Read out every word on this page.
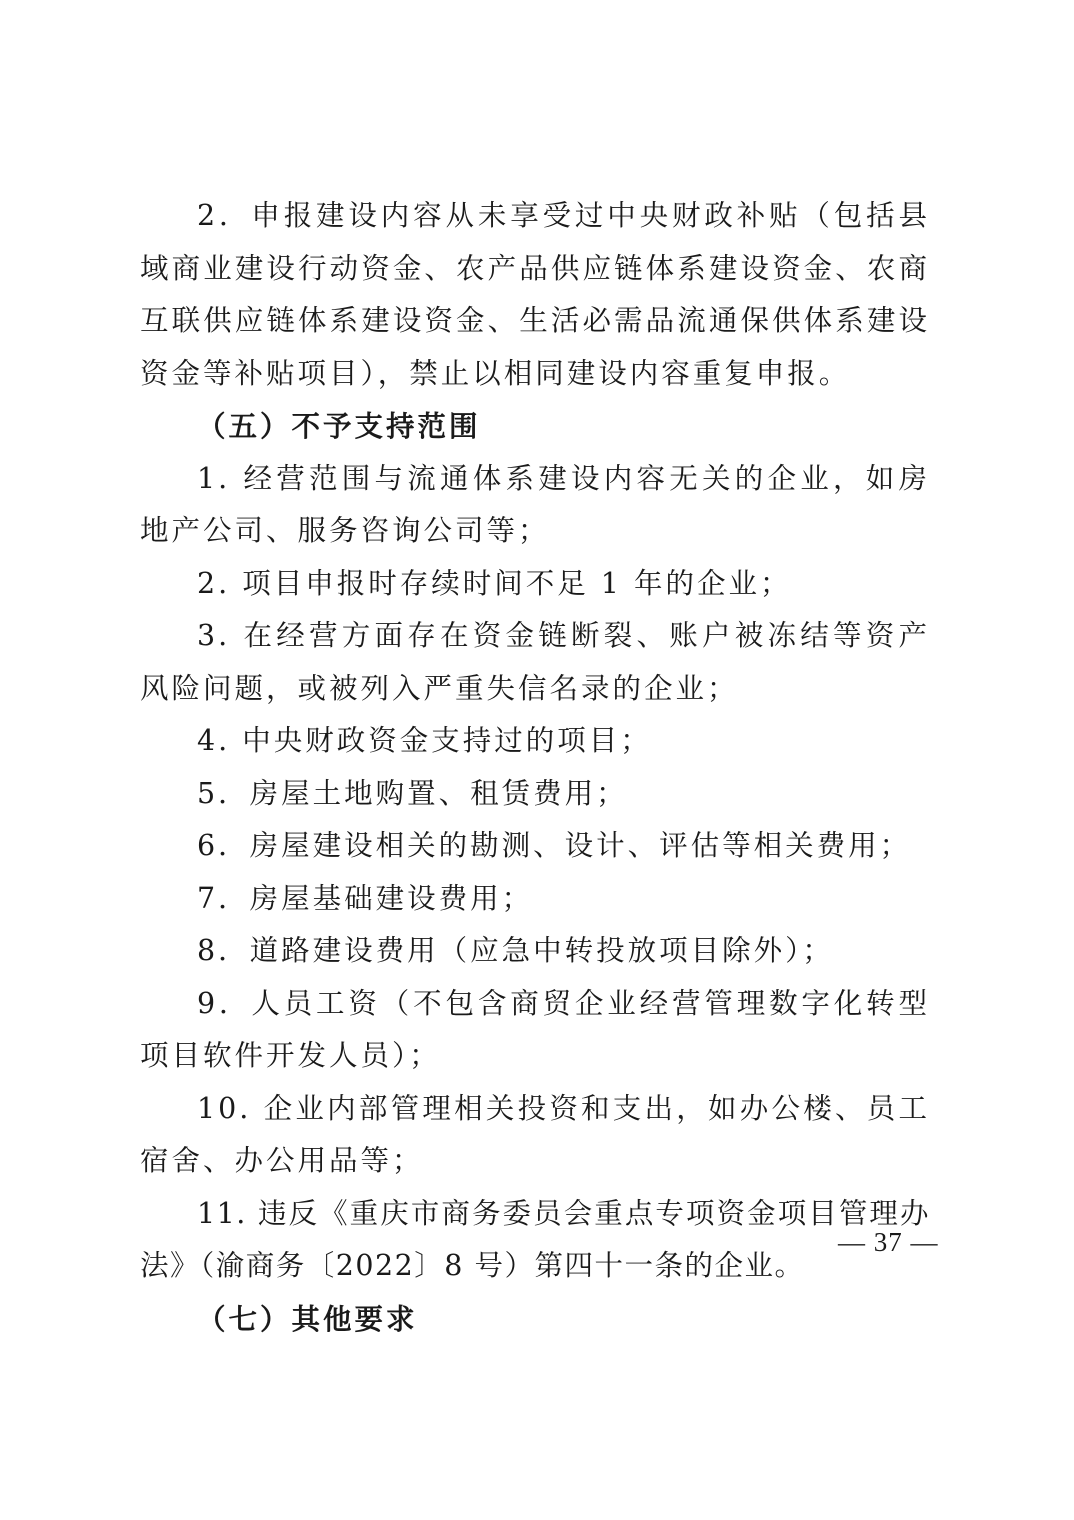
2．申报建设内容从未享受过中央财政补贴（包括县域商业建设行动资金、农产品供应链体系建设资金、农商互联供应链体系建设资金、生活必需品流通保供体系建设资金等补贴项目），禁止以相同建设内容重复申报。

（五）不予支持范围

1. 经营范围与流通体系建设内容无关的企业，如房地产公司、服务咨询公司等；

2. 项目申报时存续时间不足 1 年的企业；

3. 在经营方面存在资金链断裂、账户被冻结等资产风险问题，或被列入严重失信名录的企业；

4. 中央财政资金支持过的项目；

5．房屋土地购置、租赁费用；

6．房屋建设相关的勘测、设计、评估等相关费用；

7．房屋基础建设费用；

8．道路建设费用（应急中转投放项目除外）；

9．人员工资（不包含商贸企业经营管理数字化转型项目软件开发人员）；

10. 企业内部管理相关投资和支出，如办公楼、员工宿舍、办公用品等；

11. 违反《重庆市商务委员会重点专项资金项目管理办法》（渝商务〔2022〕8 号）第四十一条的企业。

（七）其他要求

— 37 —
